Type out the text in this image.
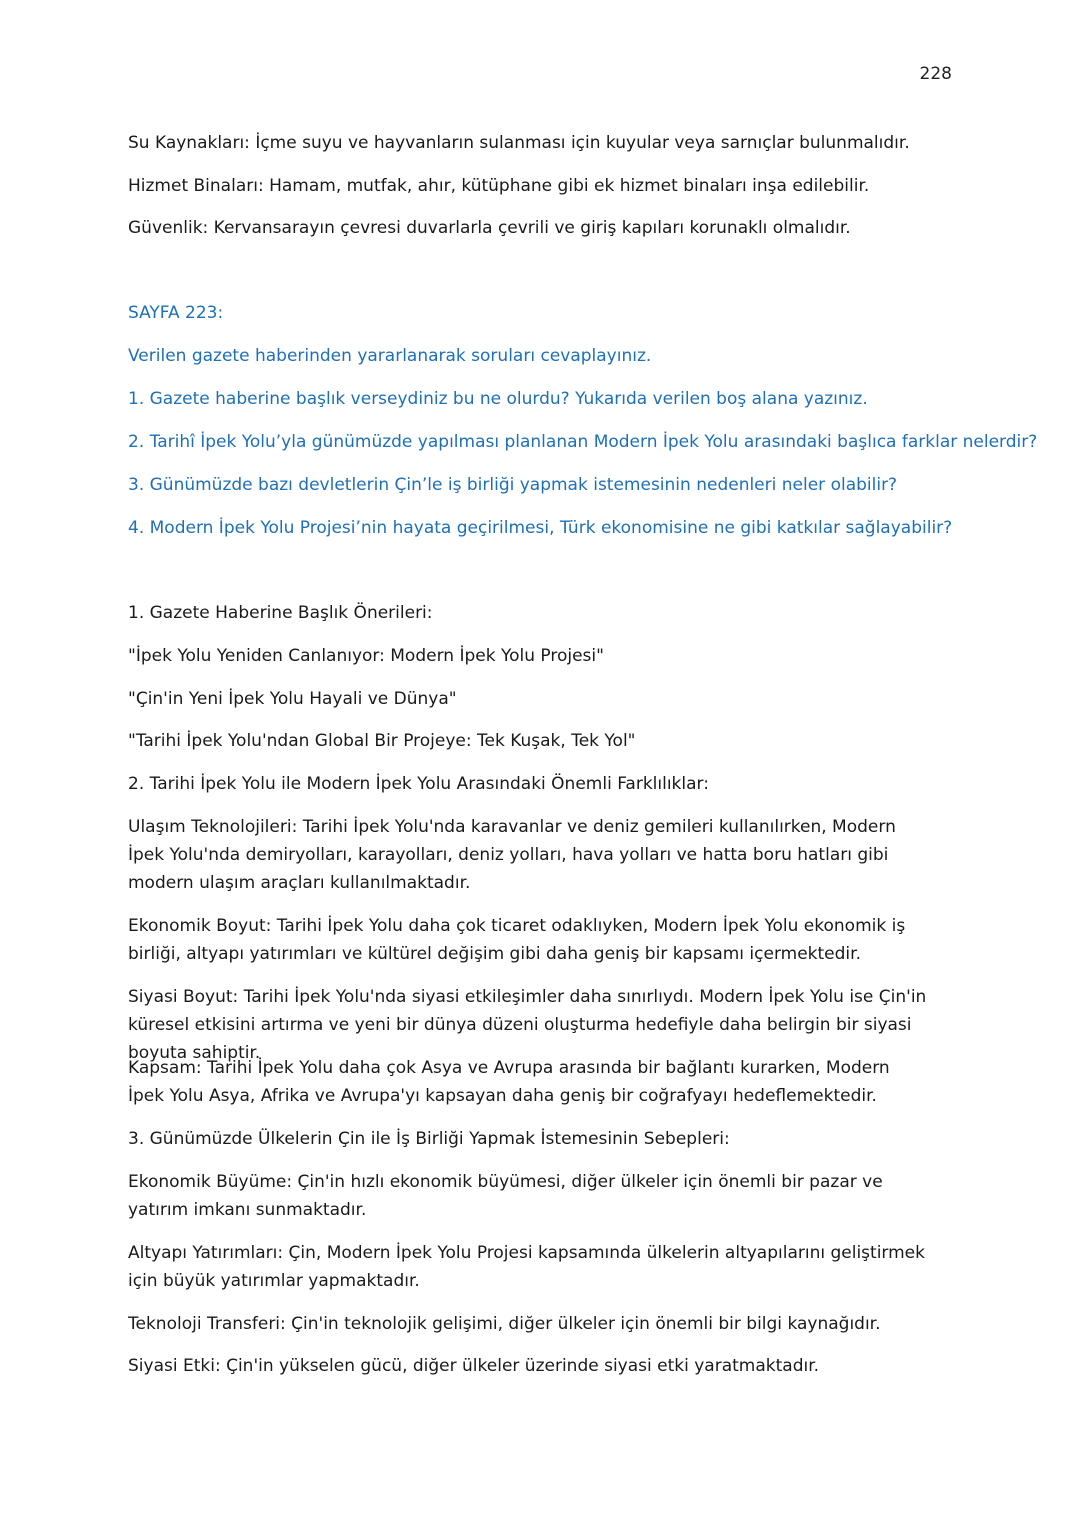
228
Su Kaynakları: İçme suyu ve hayvanların sulanması için kuyular veya sarnıçlar bulunmalıdır.
Hizmet Binaları: Hamam, mutfak, ahır, kütüphane gibi ek hizmet binaları inşa edilebilir.
Güvenlik: Kervansarayın çevresi duvarlarla çevrili ve giriş kapıları korunaklı olmalıdır.
SAYFA 223:
Verilen gazete haberinden yararlanarak soruları cevaplayınız.
1. Gazete haberine başlık verseydiniz bu ne olurdu? Yukarıda verilen boş alana yazınız.
2. Tarihî İpek Yolu’yla günümüzde yapılması planlanan Modern İpek Yolu arasındaki başlıca farklar nelerdir?
3. Günümüzde bazı devletlerin Çin’le iş birliği yapmak istemesinin nedenleri neler olabilir?
4. Modern İpek Yolu Projesi’nin hayata geçirilmesi, Türk ekonomisine ne gibi katkılar sağlayabilir?
1. Gazete Haberine Başlık Önerileri:
"İpek Yolu Yeniden Canlanıyor: Modern İpek Yolu Projesi"
"Çin'in Yeni İpek Yolu Hayali ve Dünya"
"Tarihi İpek Yolu'ndan Global Bir Projeye: Tek Kuşak, Tek Yol"
2. Tarihi İpek Yolu ile Modern İpek Yolu Arasındaki Önemli Farklılıklar:
Ulaşım Teknolojileri: Tarihi İpek Yolu'nda karavanlar ve deniz gemileri kullanılırken, Modern İpek Yolu'nda demiryolları, karayolları, deniz yolları, hava yolları ve hatta boru hatları gibi modern ulaşım araçları kullanılmaktadır.
Ekonomik Boyut: Tarihi İpek Yolu daha çok ticaret odaklıyken, Modern İpek Yolu ekonomik iş birliği, altyapı yatırımları ve kültürel değişim gibi daha geniş bir kapsamı içermektedir.
Siyasi Boyut: Tarihi İpek Yolu'nda siyasi etkileşimler daha sınırlıydı. Modern İpek Yolu ise Çin'in küresel etkisini artırma ve yeni bir dünya düzeni oluşturma hedefiyle daha belirgin bir siyasi boyuta sahiptir.
Kapsam: Tarihi İpek Yolu daha çok Asya ve Avrupa arasında bir bağlantı kurarken, Modern İpek Yolu Asya, Afrika ve Avrupa'yı kapsayan daha geniş bir coğrafyayı hedeflemektedir.
3. Günümüzde Ülkelerin Çin ile İş Birliği Yapmak İstemesinin Sebepleri:
Ekonomik Büyüme: Çin'in hızlı ekonomik büyümesi, diğer ülkeler için önemli bir pazar ve yatırım imkanı sunmaktadır.
Altyapı Yatırımları: Çin, Modern İpek Yolu Projesi kapsamında ülkelerin altyapılarını geliştirmek için büyük yatırımlar yapmaktadır.
Teknoloji Transferi: Çin'in teknolojik gelişimi, diğer ülkeler için önemli bir bilgi kaynağıdır.
Siyasi Etki: Çin'in yükselen gücü, diğer ülkeler üzerinde siyasi etki yaratmaktadır.
